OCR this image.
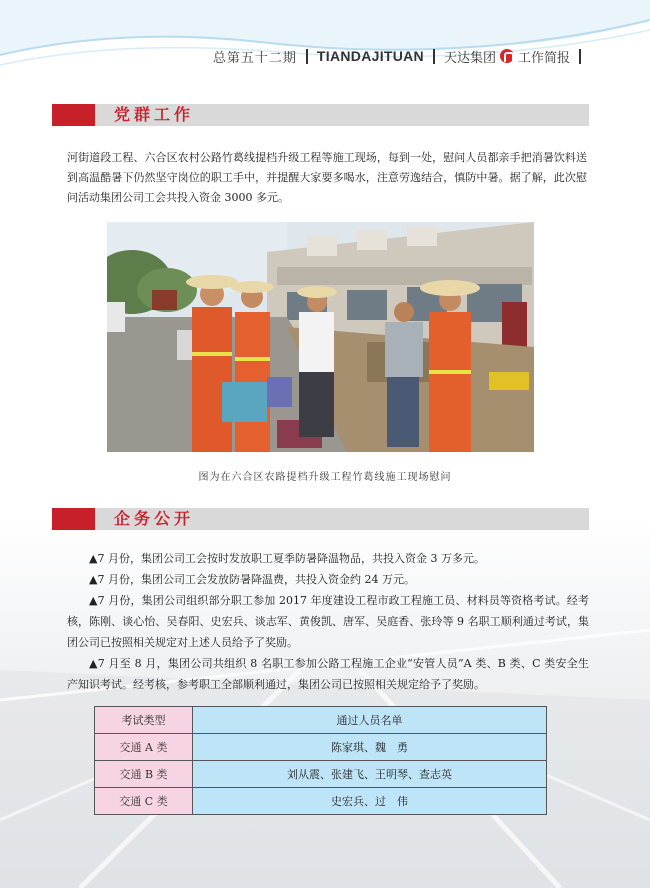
总第五十二期 TIANDAJITUAN 天达集团 工作简报
党群工作
河街道段工程、六合区农村公路竹葛线提档升级工程等施工现场，每到一处，慰问人员都亲手把消暑饮料送到高温酷暑下仍然坚守岗位的职工手中，并提醒大家要多喝水，注意劳逸结合，慎防中暑。据了解，此次慰问活动集团公司工会共投入资金 3000 多元。
图为在六合区农路提档升级工程竹葛线施工现场慰问
企务公开

▲7 月份，集团公司工会按时发放职工夏季防暑降温物品，共投入资金 3 万多元。

▲7 月份，集团公司工会发放防暑降温费，共投入资金约 24 万元。

▲7 月份，集团公司组织部分职工参加 2017 年度建设工程市政工程施工员、材料员等资格考试。经考核，陈刚、谈心怡、吴春阳、史宏兵、谈志军、黄俊凯、唐军、吴庭香、张玲等 9 名职工顺利通过考试，集团公司已按照相关规定对上述人员给予了奖励。

▲7 月至 8 月，集团公司共组织 8 名职工参加公路工程施工企业“安管人员”A 类、B 类、C 类安全生产知识考试。经考核，参考职工全部顺利通过，集团公司已按照相关规定给予了奖励。

考试类型	通过人员名单
交通 A 类	陈家琪、魏　勇
交通 B 类	刘从震、张建飞、王明琴、查志英
交通 C 类	史宏兵、过　伟
